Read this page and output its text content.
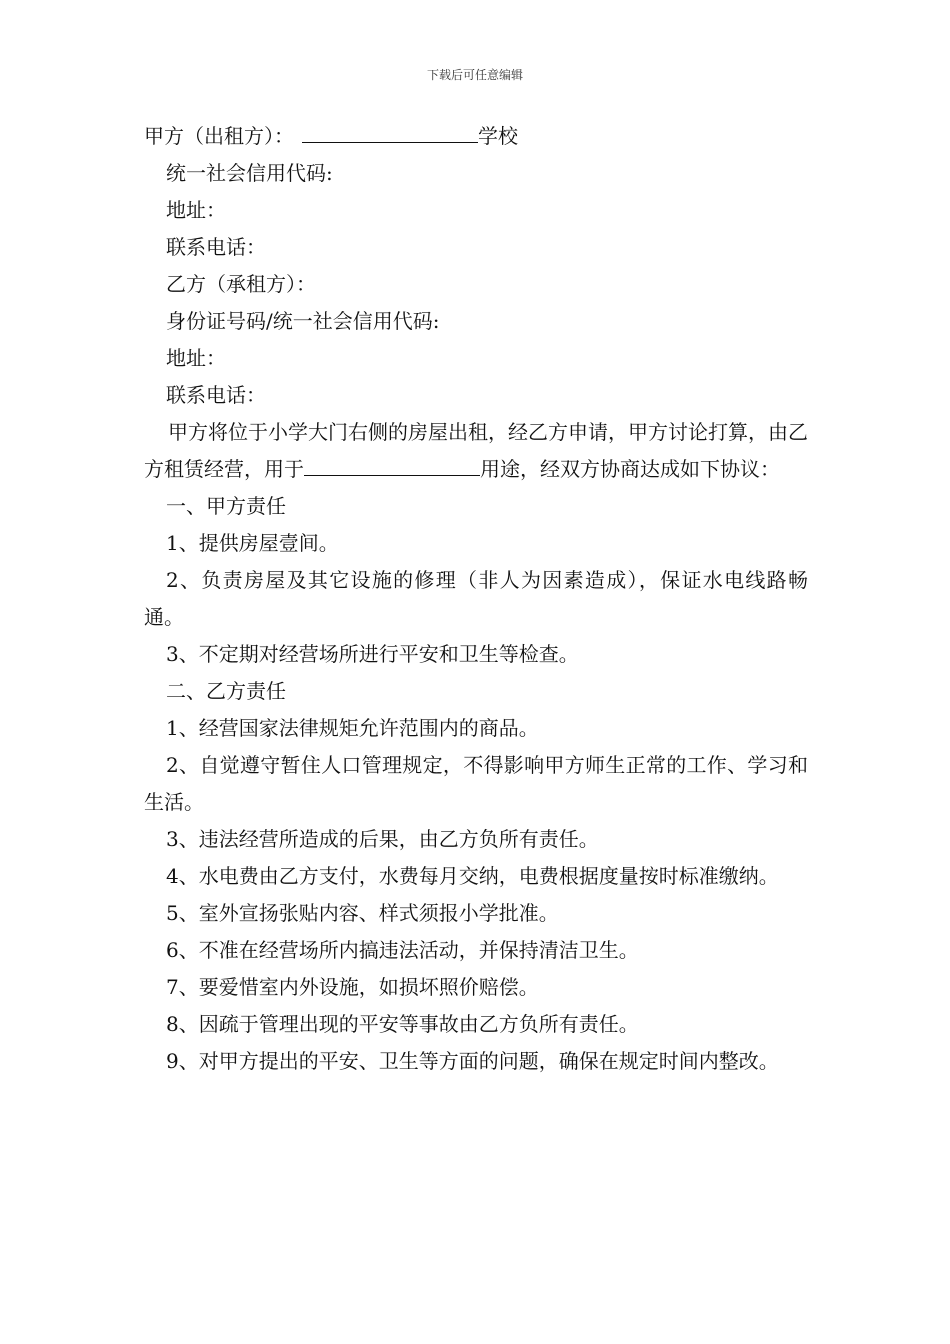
下载后可任意编辑

甲方（出租方）：	学校

统一社会信用代码:

地址：

联系电话：

乙方（承租方）：

身份证号码/统一社会信用代码:

地址：

联系电话：

甲方将位于小学大门右侧的房屋出租，经乙方申请，甲方讨论打算，由乙方租赁经营，用于	用途，经双方协商达成如下协议：

一、甲方责任

1、提供房屋壹间。

2、负责房屋及其它设施的修理（非人为因素造成），保证水电线路畅通。

3、不定期对经营场所进行平安和卫生等检查。

二、乙方责任

1、经营国家法律规矩允许范围内的商品。

2、自觉遵守暂住人口管理规定，不得影响甲方师生正常的工作、学习和生活。

3、违法经营所造成的后果，由乙方负所有责任。

4、水电费由乙方支付，水费每月交纳，电费根据度量按时标准缴纳。

5、室外宣扬张贴内容、样式须报小学批准。

6、不准在经营场所内搞违法活动，并保持清洁卫生。

7、要爱惜室内外设施，如损坏照价赔偿。

8、因疏于管理出现的平安等事故由乙方负所有责任。

9、对甲方提出的平安、卫生等方面的问题，确保在规定时间内整改。
